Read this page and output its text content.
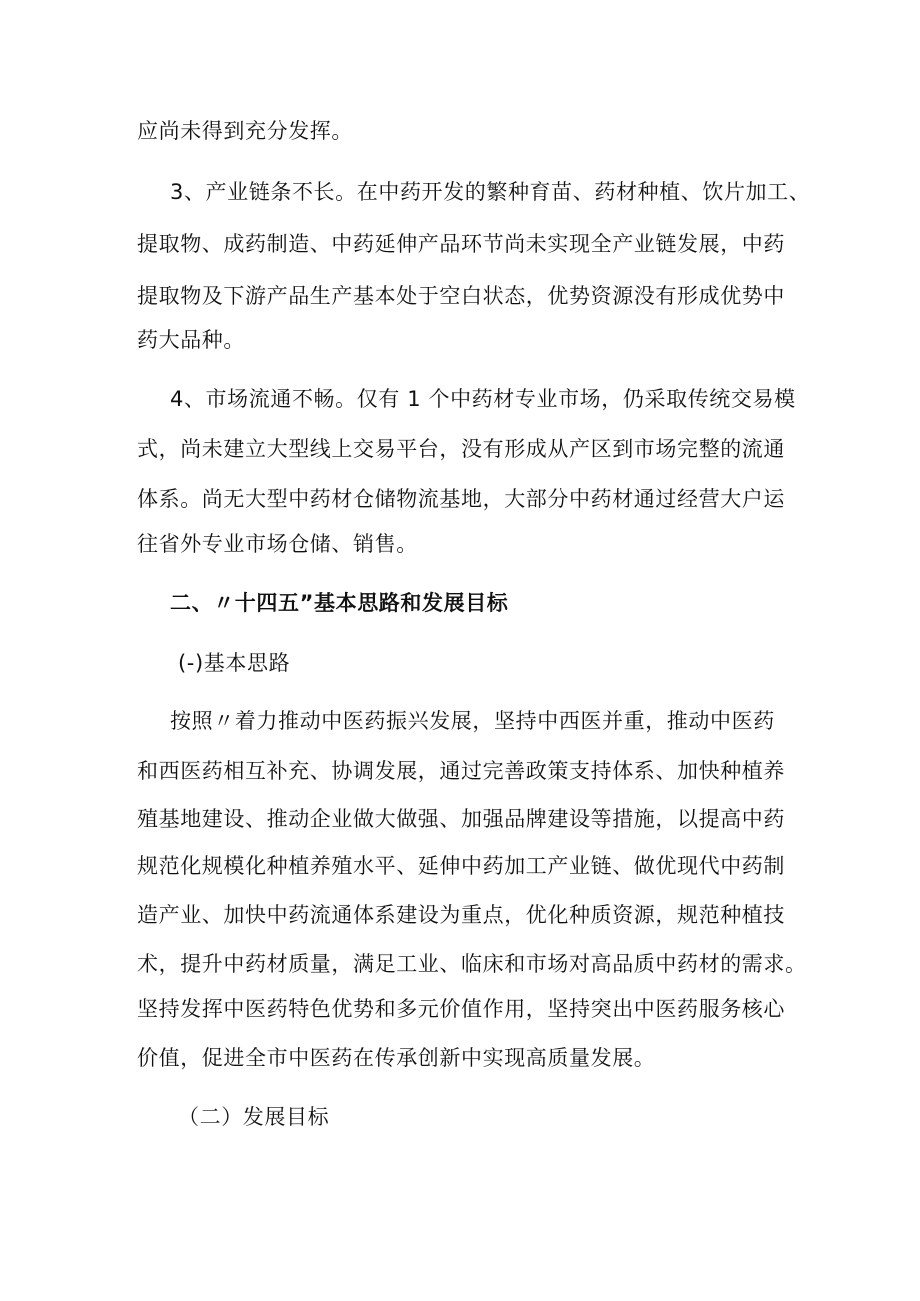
应尚未得到充分发挥。
3、产业链条不长。在中药开发的繁种育苗、药材种植、饮片加工、
提取物、成药制造、中药延伸产品环节尚未实现全产业链发展，中药
提取物及下游产品生产基本处于空白状态，优势资源没有形成优势中
药大品种。
4、市场流通不畅。仅有 1 个中药材专业市场，仍采取传统交易模
式，尚未建立大型线上交易平台，没有形成从产区到市场完整的流通
体系。尚无大型中药材仓储物流基地，大部分中药材通过经营大户运
往省外专业市场仓储、销售。
二、〃十四五”基本思路和发展目标
(-)基本思路
按照〃着力推动中医药振兴发展，坚持中西医并重，推动中医药
和西医药相互补充、协调发展，通过完善政策支持体系、加快种植养
殖基地建设、推动企业做大做强、加强品牌建设等措施，以提高中药
规范化规模化种植养殖水平、延伸中药加工产业链、做优现代中药制
造产业、加快中药流通体系建设为重点，优化种质资源，规范种植技
术，提升中药材质量，满足工业、临床和市场对高品质中药材的需求。
坚持发挥中医药特色优势和多元价值作用，坚持突出中医药服务核心
价值，促进全市中医药在传承创新中实现高质量发展。
（二）发展目标
